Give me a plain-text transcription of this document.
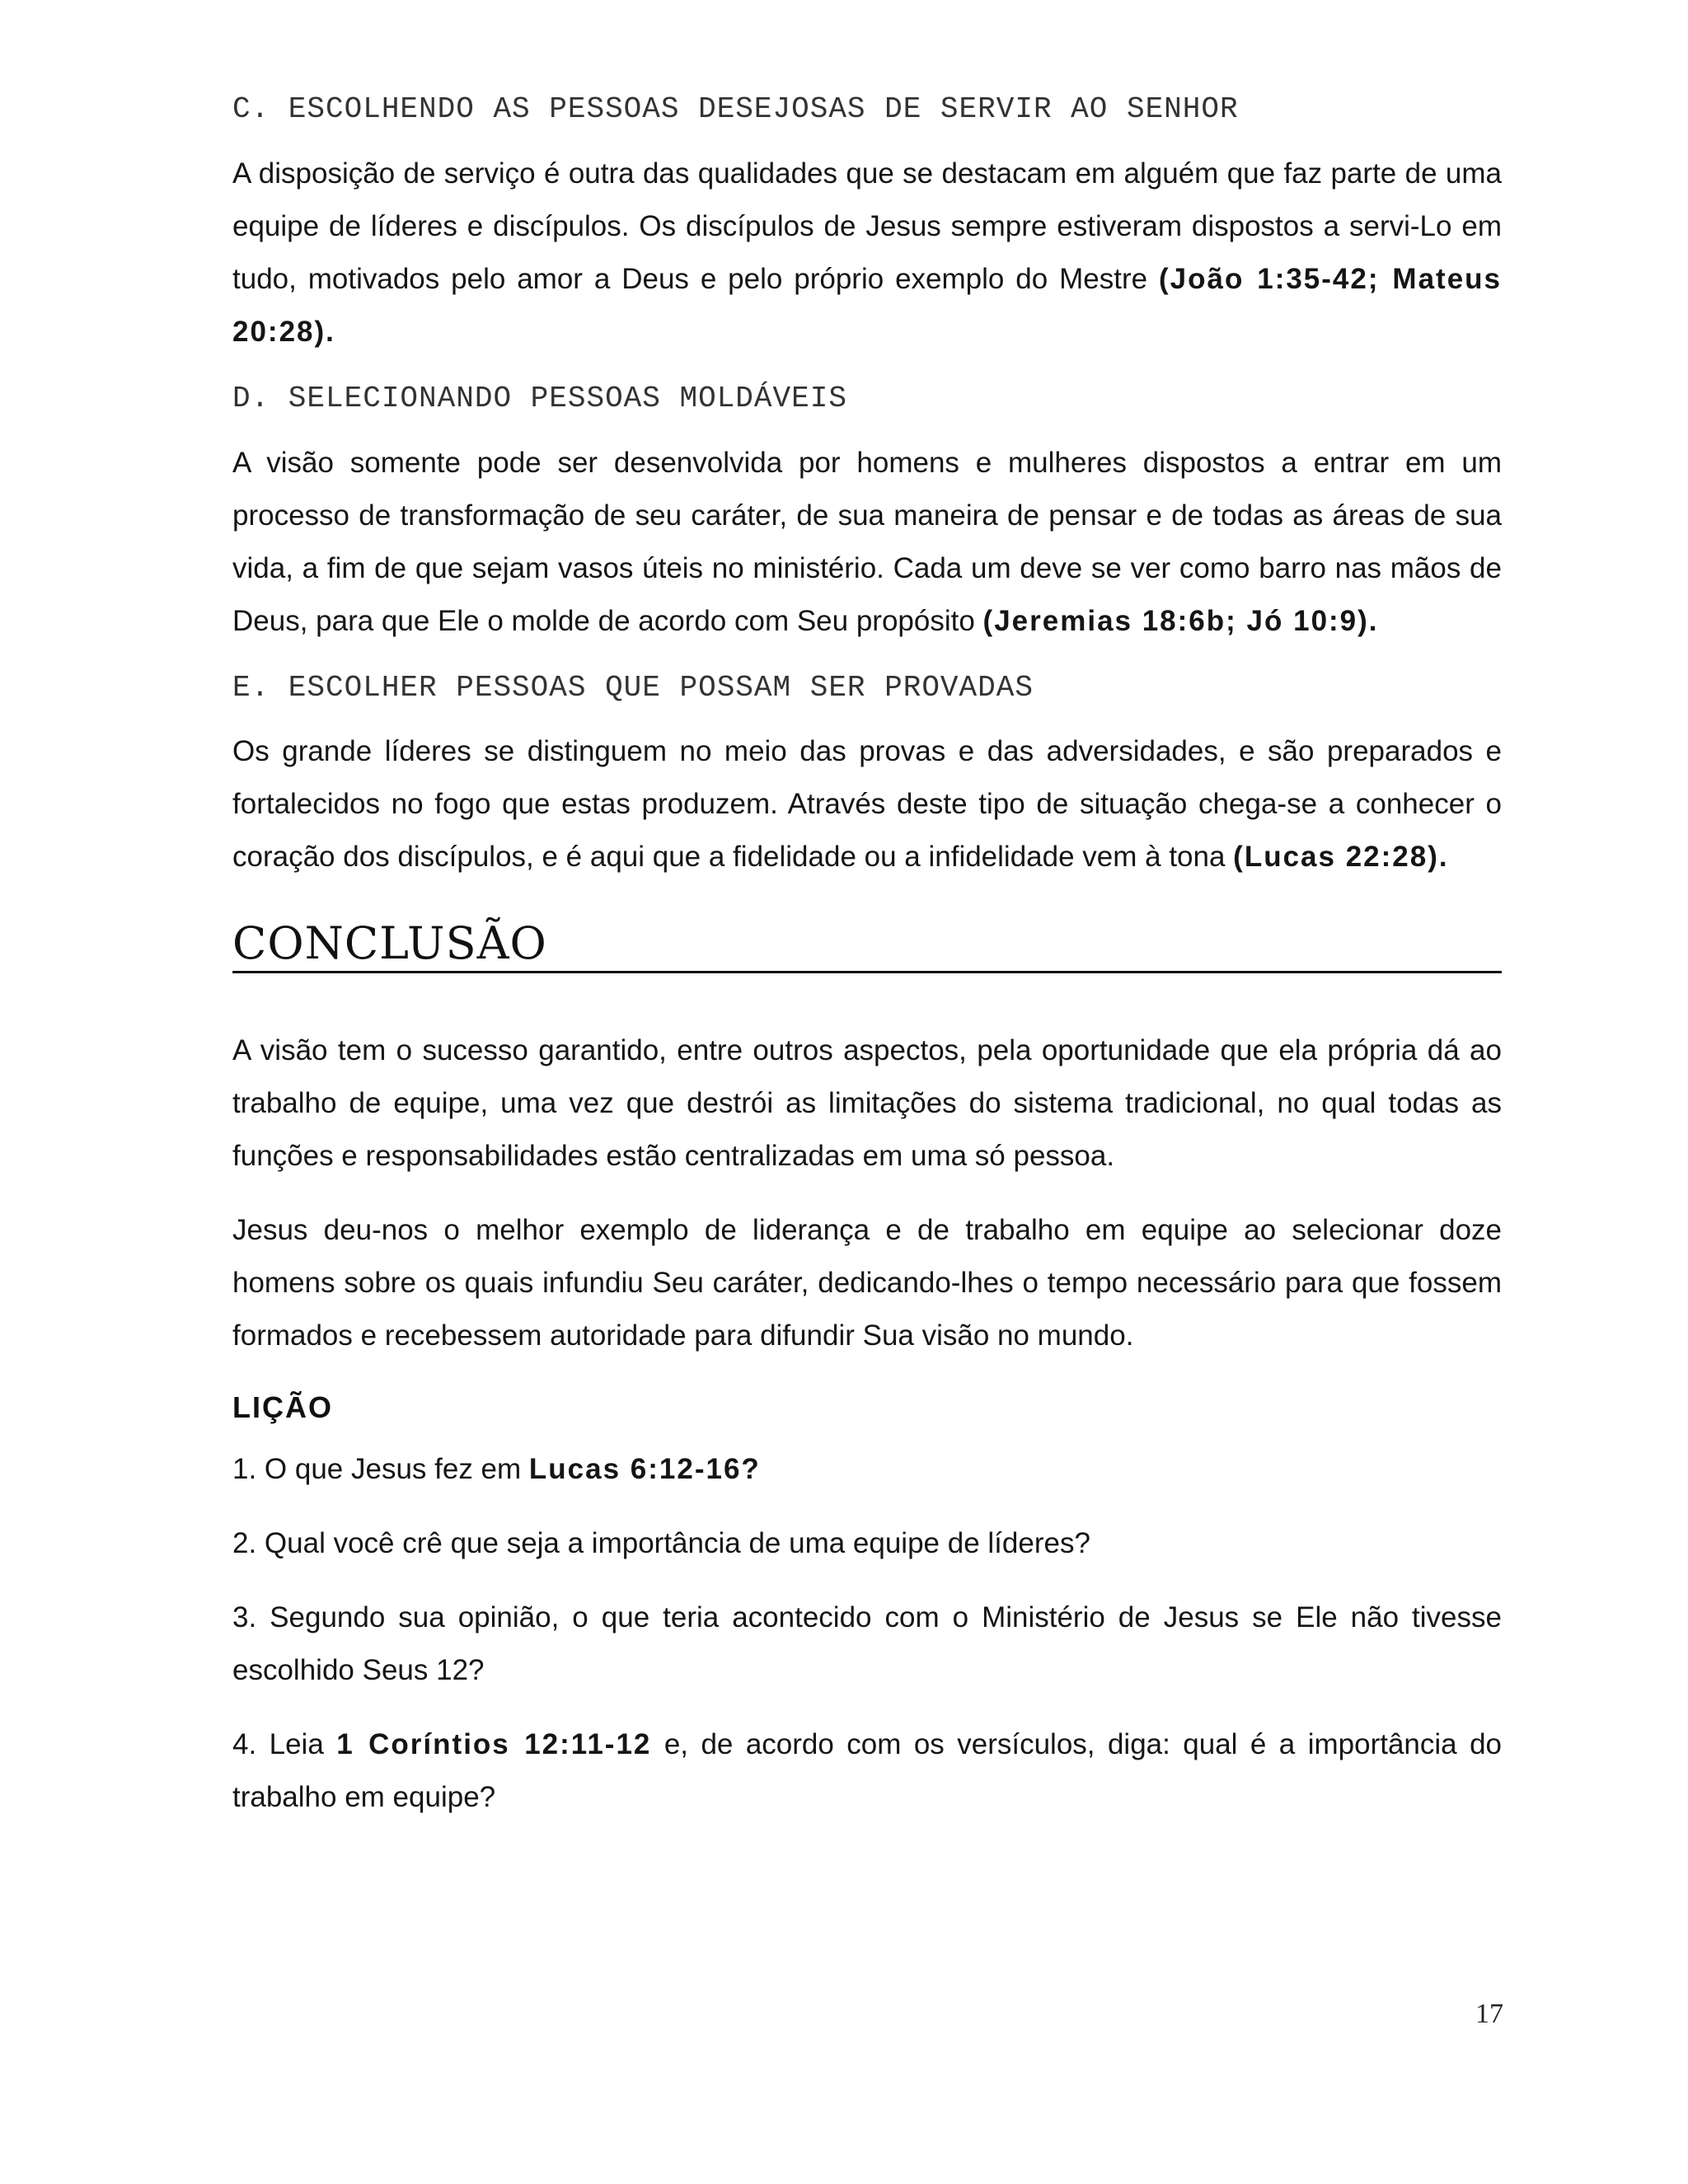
C. ESCOLHENDO AS PESSOAS DESEJOSAS DE SERVIR AO SENHOR

A disposição de serviço é outra das qualidades que se destacam em alguém que faz parte de uma equipe de líderes e discípulos. Os discípulos de Jesus sempre estiveram dispostos a servi-Lo em tudo, motivados pelo amor a Deus e pelo próprio exemplo do Mestre (João 1:35-42; Mateus 20:28).

D. SELECIONANDO PESSOAS MOLDÁVEIS

A visão somente pode ser desenvolvida por homens e mulheres dispostos a entrar em um processo de transformação de seu caráter, de sua maneira de pensar e de todas as áreas de sua vida, a fim de que sejam vasos úteis no ministério. Cada um deve se ver como barro nas mãos de Deus, para que Ele o molde de acordo com Seu propósito (Jeremias 18:6b; Jó 10:9).

E. ESCOLHER PESSOAS QUE POSSAM SER PROVADAS

Os grande líderes se distinguem no meio das provas e das adversidades, e são preparados e fortalecidos no fogo que estas produzem. Através deste tipo de situação chega-se a conhecer o coração dos discípulos, e é aqui que a fidelidade ou a infidelidade vem à tona (Lucas 22:28).

CONCLUSÃO

A visão tem o sucesso garantido, entre outros aspectos, pela oportunidade que ela própria dá ao trabalho de equipe, uma vez que destrói as limitações do sistema tradicional, no qual todas as funções e responsabilidades estão centralizadas em uma só pessoa.

Jesus deu-nos o melhor exemplo de liderança e de trabalho em equipe ao selecionar doze homens sobre os quais infundiu Seu caráter, dedicando-lhes o tempo necessário para que fossem formados e recebessem autoridade para difundir Sua visão no mundo.

LIÇÃO

1. O que Jesus fez em Lucas 6:12-16?

2. Qual você crê que seja a importância de uma equipe de líderes?

3. Segundo sua opinião, o que teria acontecido com o Ministério de Jesus se Ele não tivesse escolhido Seus 12?

4. Leia 1 Coríntios 12:11-12 e, de acordo com os versículos, diga: qual é a importância do trabalho em equipe?

17
